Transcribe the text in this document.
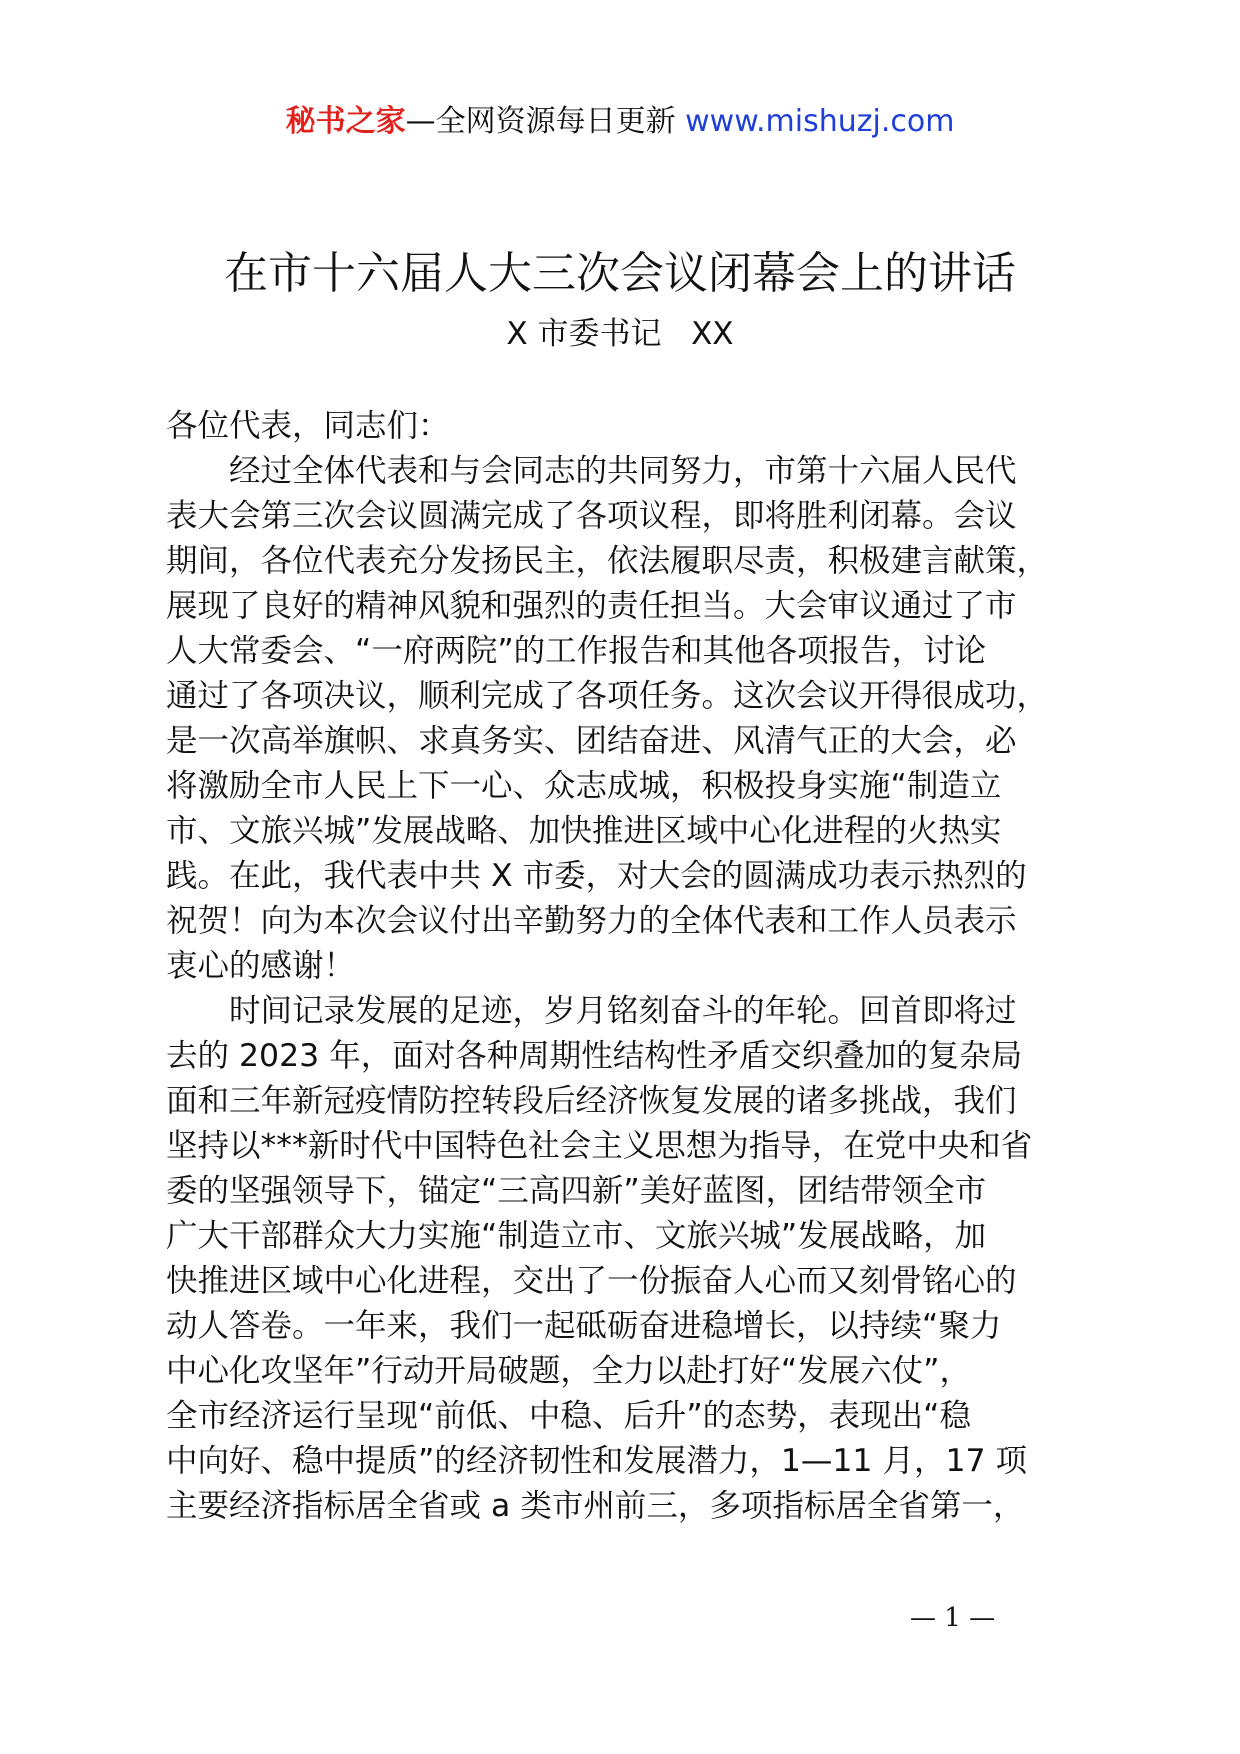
秘书之家—全网资源每日更新 www.mishuzj.com
在市十六届人大三次会议闭幕会上的讲话
X 市委书记   XX
各位代表，同志们：
　　经过全体代表和与会同志的共同努力，市第十六届人民代
表大会第三次会议圆满完成了各项议程，即将胜利闭幕。会议
期间，各位代表充分发扬民主，依法履职尽责，积极建言献策，
展现了良好的精神风貌和强烈的责任担当。大会审议通过了市
人大常委会、“一府两院”的工作报告和其他各项报告，讨论
通过了各项决议，顺利完成了各项任务。这次会议开得很成功，
是一次高举旗帜、求真务实、团结奋进、风清气正的大会，必
将激励全市人民上下一心、众志成城，积极投身实施“制造立
市、文旅兴城”发展战略、加快推进区域中心化进程的火热实
践。在此，我代表中共 X 市委，对大会的圆满成功表示热烈的
祝贺！向为本次会议付出辛勤努力的全体代表和工作人员表示
衷心的感谢！
　　时间记录发展的足迹，岁月铭刻奋斗的年轮。回首即将过
去的 2023 年，面对各种周期性结构性矛盾交织叠加的复杂局
面和三年新冠疫情防控转段后经济恢复发展的诸多挑战，我们
坚持以***新时代中国特色社会主义思想为指导，在党中央和省
委的坚强领导下，锚定“三高四新”美好蓝图，团结带领全市
广大干部群众大力实施“制造立市、文旅兴城”发展战略，加
快推进区域中心化进程，交出了一份振奋人心而又刻骨铭心的
动人答卷。一年来，我们一起砥砺奋进稳增长，以持续“聚力
中心化攻坚年”行动开局破题，全力以赴打好“发展六仗”，
全市经济运行呈现“前低、中稳、后升”的态势，表现出“稳
中向好、稳中提质”的经济韧性和发展潜力，1—11 月，17 项
主要经济指标居全省或 a 类市州前三，多项指标居全省第一，
— 1 —
